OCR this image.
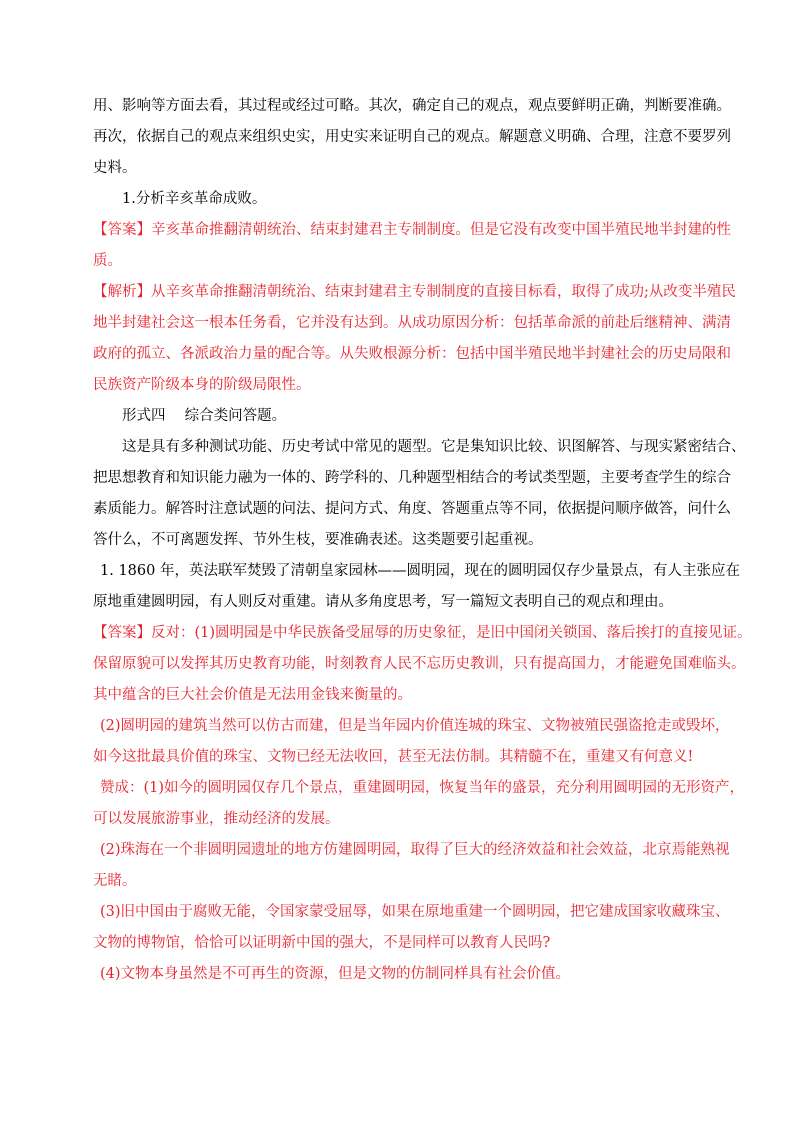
用、影响等方面去看，其过程或经过可略。其次，确定自己的观点，观点要鲜明正确，判断要准确。
再次，依据自己的观点来组织史实，用史实来证明自己的观点。解题意义明确、合理，注意不要罗列
史料。
1.分析辛亥革命成败。
【答案】辛亥革命推翻清朝统治、结束封建君主专制制度。但是它没有改变中国半殖民地半封建的性
质。
【解析】从辛亥革命推翻清朝统治、结束封建君主专制制度的直接目标看，取得了成功;从改变半殖民
地半封建社会这一根本任务看，它并没有达到。从成功原因分析：包括革命派的前赴后继精神、满清
政府的孤立、各派政治力量的配合等。从失败根源分析：包括中国半殖民地半封建社会的历史局限和
民族资产阶级本身的阶级局限性。
形式四　 综合类问答题。
这是具有多种测试功能、历史考试中常见的题型。它是集知识比较、识图解答、与现实紧密结合、
把思想教育和知识能力融为一体的、跨学科的、几种题型相结合的考试类型题，主要考查学生的综合
素质能力。解答时注意试题的问法、提问方式、角度、答题重点等不同，依据提问顺序做答，问什么
答什么，不可离题发挥、节外生枝，要准确表述。这类题要引起重视。
1. 1860 年，英法联军焚毁了清朝皇家园林——圆明园，现在的圆明园仅存少量景点，有人主张应在
原地重建圆明园，有人则反对重建。请从多角度思考，写一篇短文表明自己的观点和理由。
【答案】反对：(1)圆明园是中华民族备受屈辱的历史象征，是旧中国闭关锁国、落后挨打的直接见证。
保留原貌可以发挥其历史教育功能，时刻教育人民不忘历史教训，只有提高国力，才能避免国难临头。
其中蕴含的巨大社会价值是无法用金钱来衡量的。
(2)圆明园的建筑当然可以仿古而建，但是当年园内价值连城的珠宝、文物被殖民强盗抢走或毁坏，
如今这批最具价值的珠宝、文物已经无法收回，甚至无法仿制。其精髓不在，重建又有何意义!
赞成：(1)如今的圆明园仅存几个景点，重建圆明园，恢复当年的盛景，充分利用圆明园的无形资产，
可以发展旅游事业，推动经济的发展。
(2)珠海在一个非圆明园遗址的地方仿建圆明园，取得了巨大的经济效益和社会效益，北京焉能熟视
无睹。
(3)旧中国由于腐败无能，令国家蒙受屈辱，如果在原地重建一个圆明园，把它建成国家收藏珠宝、
文物的博物馆，恰恰可以证明新中国的强大，不是同样可以教育人民吗?
(4)文物本身虽然是不可再生的资源，但是文物的仿制同样具有社会价值。
